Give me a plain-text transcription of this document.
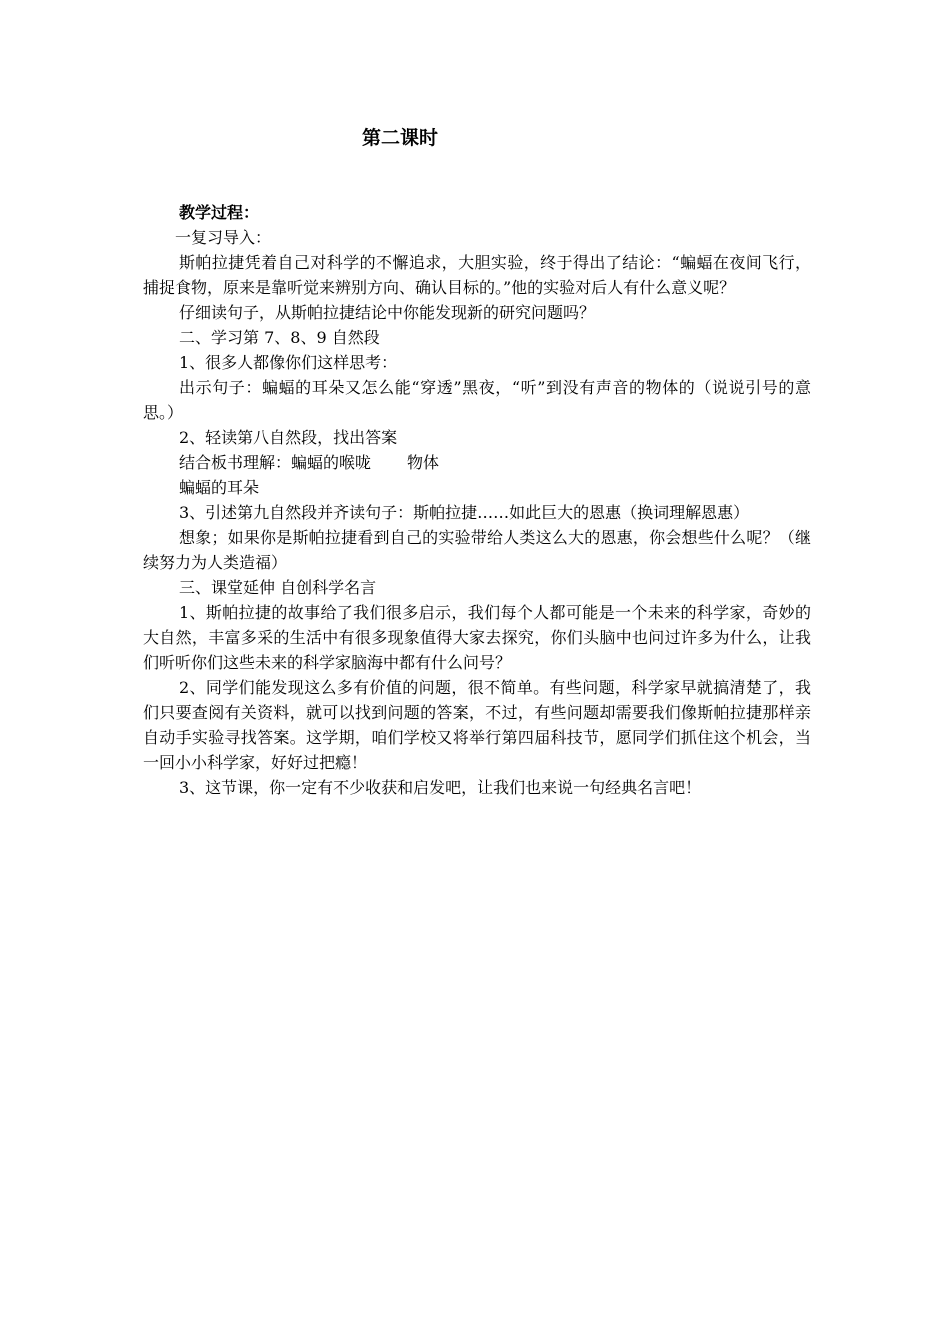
第二课时

教学过程：

一复习导入：

斯帕拉捷凭着自己对科学的不懈追求，大胆实验，终于得出了结论：“蝙蝠在夜间飞行，捕捉食物，原来是靠听觉来辨别方向、确认目标的。”他的实验对后人有什么意义呢？

仔细读句子，从斯帕拉捷结论中你能发现新的研究问题吗？

二、学习第 7、8、9 自然段

1、很多人都像你们这样思考：

出示句子：蝙蝠的耳朵又怎么能“穿透”黑夜，“听”到没有声音的物体的（说说引号的意思。）

2、轻读第八自然段，找出答案

结合板书理解：蝙蝠的喉咙 物体

蝙蝠的耳朵

3、引述第九自然段并齐读句子：斯帕拉捷……如此巨大的恩惠（换词理解恩惠）

想象；如果你是斯帕拉捷看到自己的实验带给人类这么大的恩惠，你会想些什么呢？（继续努力为人类造福）

三、课堂延伸 自创科学名言

1、斯帕拉捷的故事给了我们很多启示，我们每个人都可能是一个未来的科学家，奇妙的大自然，丰富多采的生活中有很多现象值得大家去探究，你们头脑中也问过许多为什么，让我们听听你们这些未来的科学家脑海中都有什么问号？

2、同学们能发现这么多有价值的问题，很不简单。有些问题，科学家早就搞清楚了，我们只要查阅有关资料，就可以找到问题的答案，不过，有些问题却需要我们像斯帕拉捷那样亲自动手实验寻找答案。这学期，咱们学校又将举行第四届科技节，愿同学们抓住这个机会，当一回小小科学家，好好过把瘾！

3、这节课，你一定有不少收获和启发吧，让我们也来说一句经典名言吧！
